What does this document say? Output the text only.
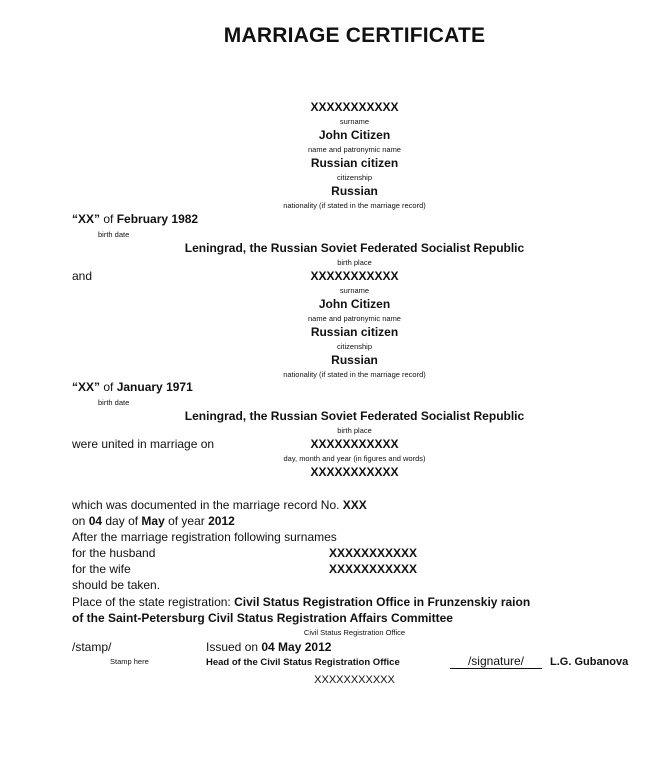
MARRIAGE CERTIFICATE
XXXXXXXXXXX
surname
John Citizen
name and patronymic name
Russian citizen
citizenship
Russian
nationality (if stated in the marriage record)
“XX” of February 1982
birth date
Leningrad, the Russian Soviet Federated Socialist Republic
birth place
and	XXXXXXXXXXX
surname
John Citizen
name and patronymic name
Russian citizen
citizenship
Russian
nationality (if stated in the marriage record)
“XX” of January 1971
birth date
Leningrad, the Russian Soviet Federated Socialist Republic
birth place
were united in marriage on	XXXXXXXXXXX
day, month and year (in figures and words)
XXXXXXXXXXX
which was documented in the marriage record No. XXX
on 04 day of May of year 2012
After the marriage registration following surnames
for the husband	XXXXXXXXXXX
for the wife	XXXXXXXXXXX
should be taken.
Place of the state registration: Civil Status Registration Office in Frunzenskiy raion
of the Saint-Petersburg Civil Status Registration Affairs Committee
Civil Status Registration Office
/stamp/
Stamp here
Issued on 04 May 2012
Head of the Civil Status Registration Office	/signature/	L.G. Gubanova
XXXXXXXXXXX
